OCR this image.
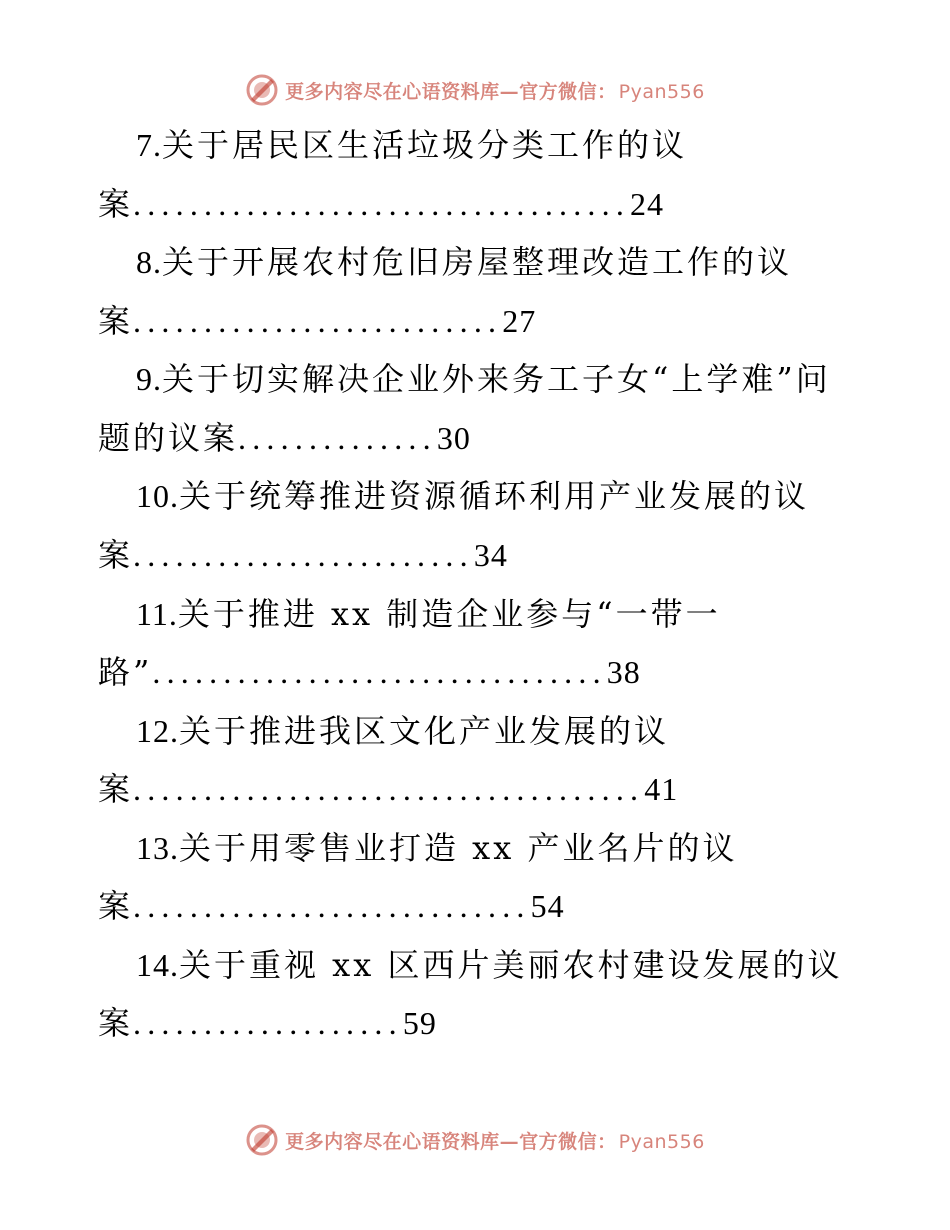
更多内容尽在心语资料库—官方微信： Pyan556
7.关于居民区生活垃圾分类工作的议
案...................................24
8.关于开展农村危旧房屋整理改造工作的议
案..........................27
9.关于切实解决企业外来务工子女“上学难”问
题的议案..............30
10.关于统筹推进资源循环利用产业发展的议
案........................34
11.关于推进 xx 制造企业参与“一带一
路”................................38
12.关于推进我区文化产业发展的议
案....................................41
13.关于用零售业打造 xx 产业名片的议
案............................54
14.关于重视 xx 区西片美丽农村建设发展的议
案...................59
更多内容尽在心语资料库—官方微信： Pyan556
